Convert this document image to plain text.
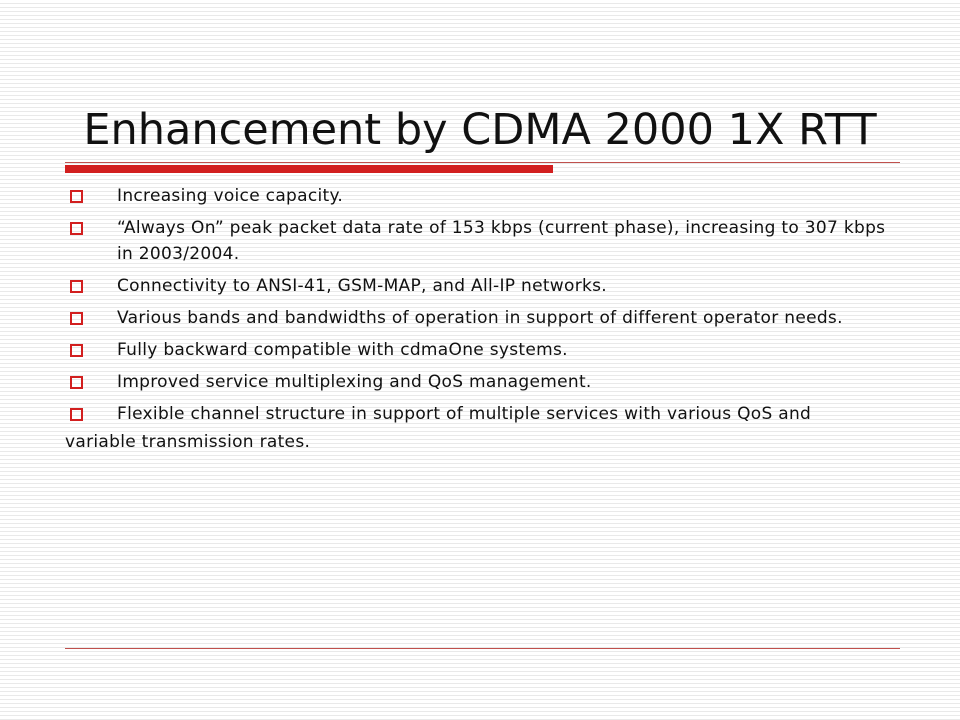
Enhancement by CDMA 2000 1X RTT
Increasing voice capacity.
“Always On” peak packet data rate of 153 kbps (current phase), increasing to 307 kbps in 2003/2004.
Connectivity to ANSI-41, GSM-MAP, and All-IP networks.
Various bands and bandwidths of operation in support of different operator needs.
Fully backward compatible with cdmaOne systems.
Improved service multiplexing and QoS management.
Flexible channel structure in support of multiple services with various QoS and
variable transmission rates.
